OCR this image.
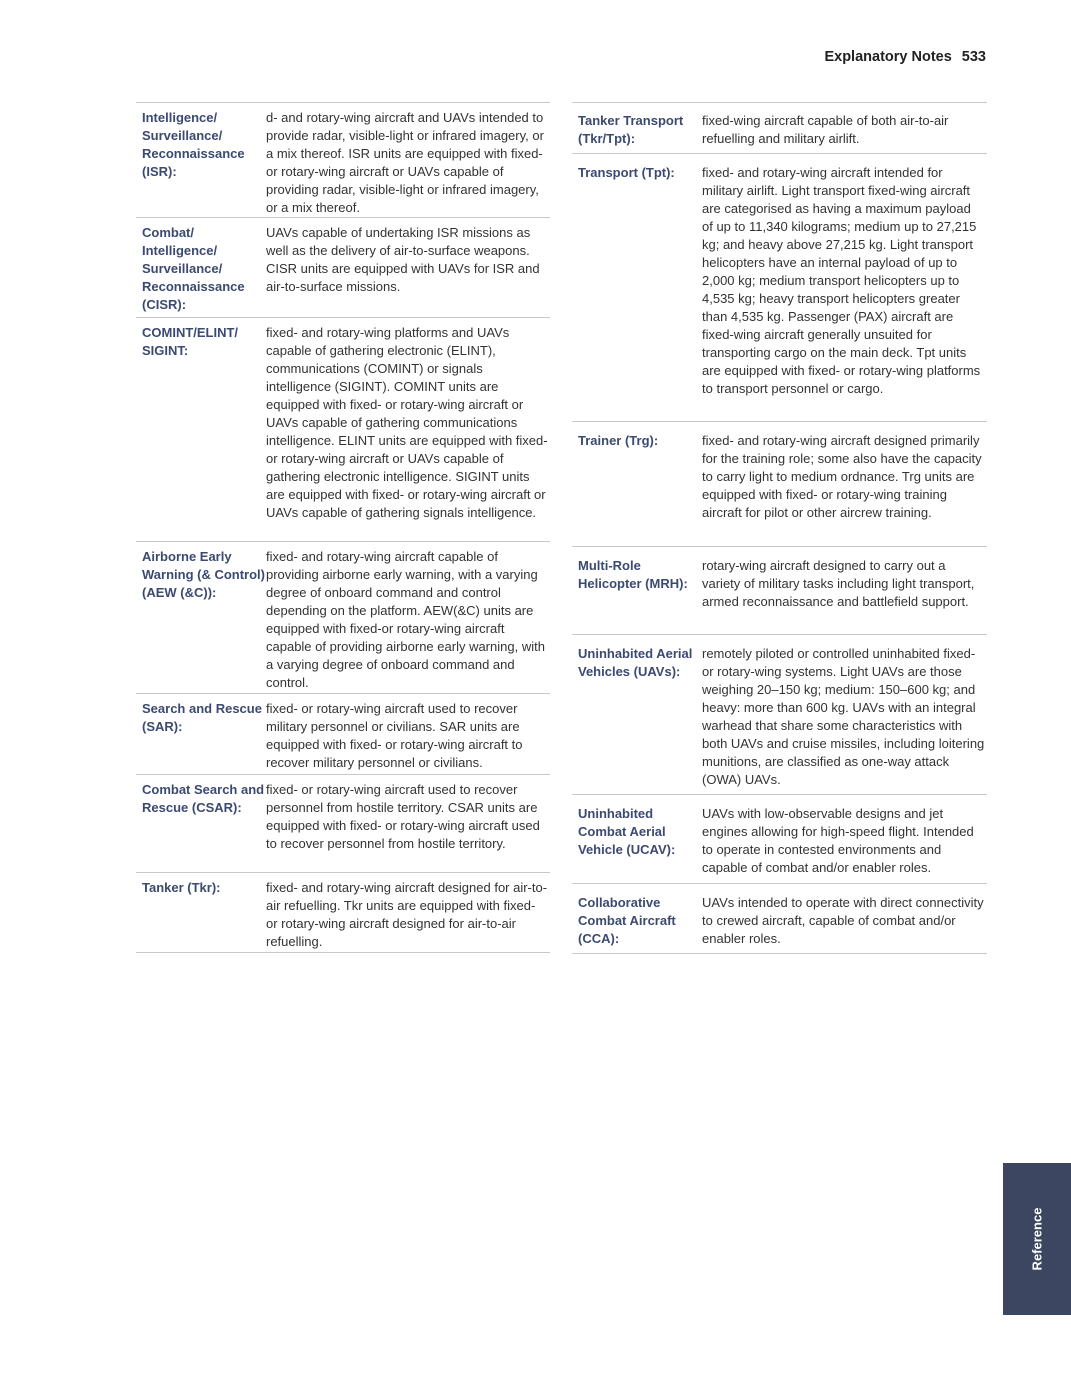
Explanatory Notes 533
Intelligence/ Surveillance/ Reconnaissance (ISR):
d- and rotary-wing aircraft and UAVs intended to provide radar, visible-light or infrared imagery, or a mix thereof. ISR units are equipped with fixed- or rotary-wing aircraft or UAVs capable of providing radar, visible-light or infrared imagery, or a mix thereof.
Combat/ Intelligence/ Surveillance/ Reconnaissance (CISR):
UAVs capable of undertaking ISR missions as well as the delivery of air-to-surface weapons. CISR units are equipped with UAVs for ISR and air-to-surface missions.
COMINT/ELINT/ SIGINT:
fixed- and rotary-wing platforms and UAVs capable of gathering electronic (ELINT), communications (COMINT) or signals intelligence (SIGINT). COMINT units are equipped with fixed- or rotary-wing aircraft or UAVs capable of gathering communications intelligence. ELINT units are equipped with fixed- or rotary-wing aircraft or UAVs capable of gathering electronic intelligence. SIGINT units are equipped with fixed- or rotary-wing aircraft or UAVs capable of gathering signals intelligence.
Airborne Early Warning (& Control) (AEW (&C)):
fixed- and rotary-wing aircraft capable of providing airborne early warning, with a varying degree of onboard command and control depending on the platform. AEW(&C) units are equipped with fixed-or rotary-wing aircraft capable of providing airborne early warning, with a varying degree of onboard command and control.
Search and Rescue (SAR):
fixed- or rotary-wing aircraft used to recover military personnel or civilians. SAR units are equipped with fixed- or rotary-wing aircraft to recover military personnel or civilians.
Combat Search and Rescue (CSAR):
fixed- or rotary-wing aircraft used to recover personnel from hostile territory. CSAR units are equipped with fixed- or rotary-wing aircraft used to recover personnel from hostile territory.
Tanker (Tkr):	fixed- and rotary-wing aircraft designed for air-to-air refuelling. Tkr units are equipped with fixed- or rotary-wing aircraft designed for air-to-air refuelling.
Tanker Transport (Tkr/Tpt):
fixed-wing aircraft capable of both air-to-air refuelling and military airlift.
Transport (Tpt):	fixed- and rotary-wing aircraft intended for military airlift. Light transport fixed-wing aircraft are categorised as having a maximum payload of up to 11,340 kilograms; medium up to 27,215 kg; and heavy above 27,215 kg. Light transport helicopters have an internal payload of up to 2,000 kg; medium transport helicopters up to 4,535 kg; heavy transport helicopters greater than 4,535 kg. Passenger (PAX) aircraft are fixed-wing aircraft generally unsuited for transporting cargo on the main deck. Tpt units are equipped with fixed- or rotary-wing platforms to transport personnel or cargo.
Trainer (Trg):	fixed- and rotary-wing aircraft designed primarily for the training role; some also have the capacity to carry light to medium ordnance. Trg units are equipped with fixed- or rotary-wing training aircraft for pilot or other aircrew training.
Multi-Role Helicopter (MRH):
rotary-wing aircraft designed to carry out a variety of military tasks including light transport, armed reconnaissance and battlefield support.
Uninhabited Aerial Vehicles (UAVs):
remotely piloted or controlled uninhabited fixed- or rotary-wing systems. Light UAVs are those weighing 20–150 kg; medium: 150–600 kg; and heavy: more than 600 kg. UAVs with an integral warhead that share some characteristics with both UAVs and cruise missiles, including loitering munitions, are classified as one-way attack (OWA) UAVs.
Uninhabited Combat Aerial Vehicle (UCAV):
UAVs with low-observable designs and jet engines allowing for high-speed flight. Intended to operate in contested environments and capable of combat and/or enabler roles.
Collaborative Combat Aircraft (CCA):
UAVs intended to operate with direct connectivity to crewed aircraft, capable of combat and/or enabler roles.
Reference
